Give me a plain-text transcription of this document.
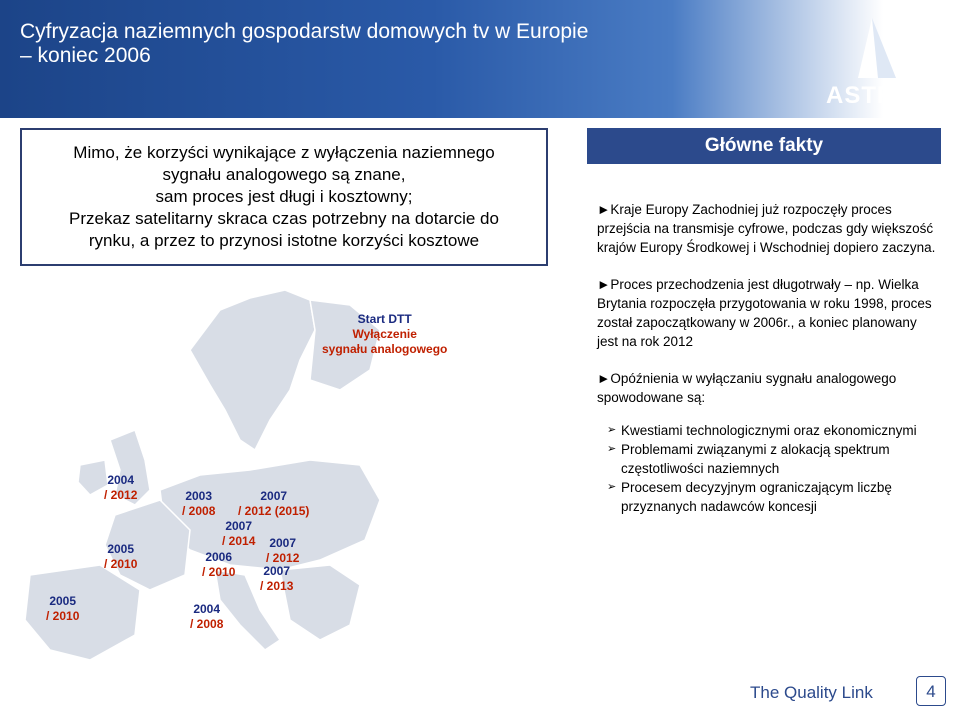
Cyfryzacja naziemnych gospodarstw domowych tv w Europie
– koniec 2006
ASTRA
Mimo, że korzyści wynikające z wyłączenia naziemnego
sygnału analogowego są znane,
sam proces jest długi i kosztowny;
Przekaz satelitarny skraca czas potrzebny na dotarcie do
rynku, a przez to przynosi istotne korzyści kosztowe
Główne fakty

►Kraje Europy Zachodniej już rozpoczęły proces przejścia na transmisje cyfrowe, podczas gdy większość krajów Europy Środkowej i Wschodniej dopiero zaczyna.

►Proces przechodzenia jest długotrwały – np. Wielka Brytania rozpoczęła przygotowania w roku 1998, proces został zapoczątkowany w 2006r., a koniec planowany jest na rok 2012

►Opóźnienia w wyłączaniu sygnału analogowego spowodowane są:

➢ Kwestiami technologicznymi oraz ekonomicznymi
➢ Problemami związanymi z alokacją spektrum częstotliwości naziemnych
➢ Procesem decyzyjnym ograniczającym liczbę przyznanych nadawców koncesji
Start DTT
Wyłączenie
sygnału analogowego
2004
/ 2012
2005
/ 2010
2005
/ 2010
2003
/ 2008
2007
/ 2012 (2015)
2007
/ 2014
2006
/ 2010
2007
/ 2012
2007
/ 2013
2004
/ 2008
The Quality Link	4
